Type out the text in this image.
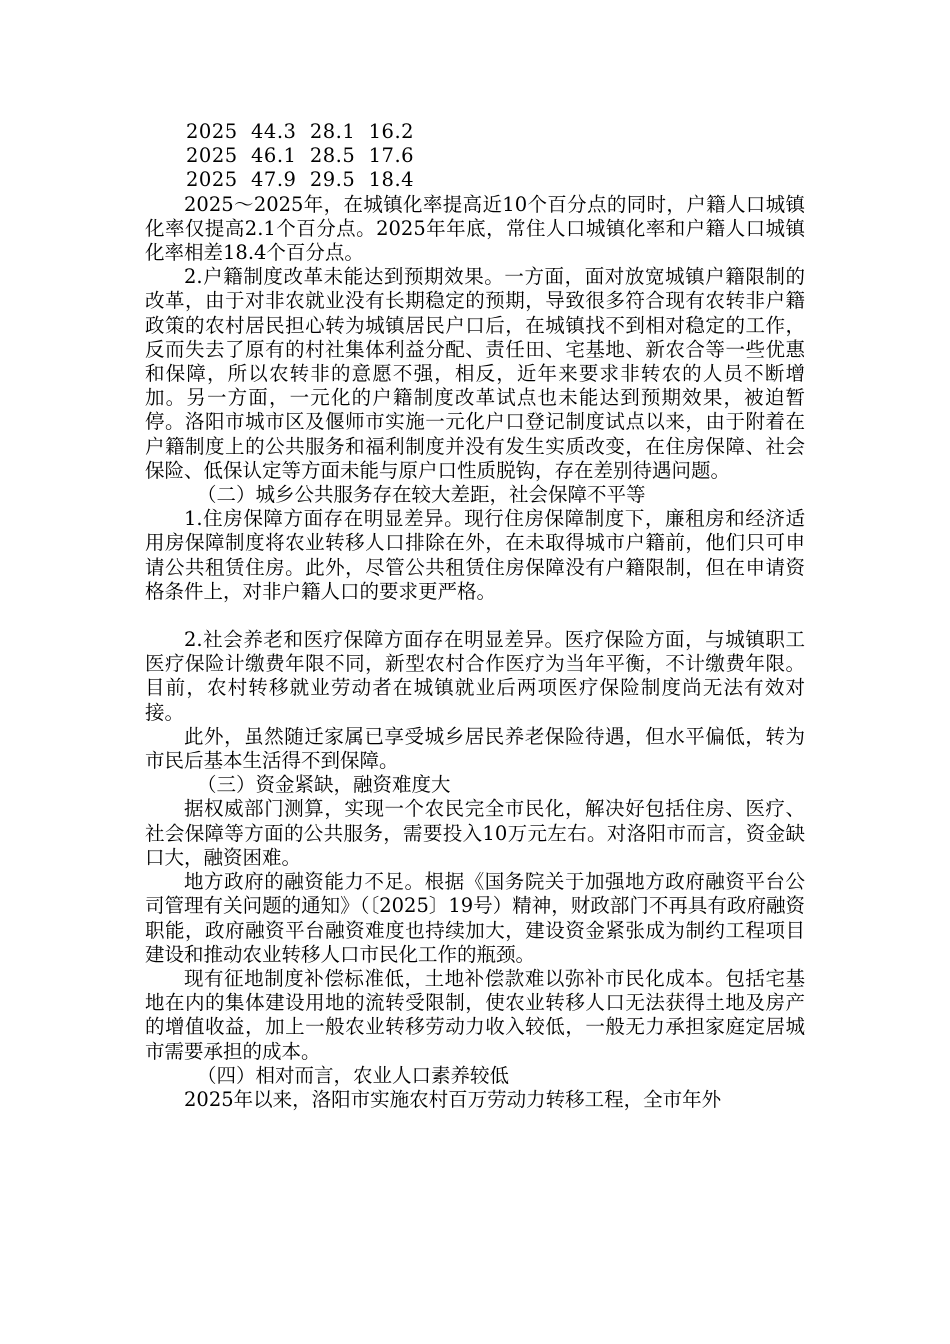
2025  44.3  28.1  16.2

2025  46.1  28.5  17.6

2025  47.9  29.5  18.4

2025～2025年，在城镇化率提高近10个百分点的同时，户籍人口城镇化率仅提高2.1个百分点。2025年年底，常住人口城镇化率和户籍人口城镇化率相差18.4个百分点。

2.户籍制度改革未能达到预期效果。一方面，面对放宽城镇户籍限制的改革，由于对非农就业没有长期稳定的预期，导致很多符合现有农转非户籍政策的农村居民担心转为城镇居民户口后，在城镇找不到相对稳定的工作，反而失去了原有的村社集体利益分配、责任田、宅基地、新农合等一些优惠和保障，所以农转非的意愿不强，相反，近年来要求非转农的人员不断增加。另一方面，一元化的户籍制度改革试点也未能达到预期效果，被迫暂停。洛阳市城市区及偃师市实施一元化户口登记制度试点以来，由于附着在户籍制度上的公共服务和福利制度并没有发生实质改变，在住房保障、社会保险、低保认定等方面未能与原户口性质脱钩，存在差别待遇问题。

（二）城乡公共服务存在较大差距，社会保障不平等

1.住房保障方面存在明显差异。现行住房保障制度下，廉租房和经济适用房保障制度将农业转移人口排除在外，在未取得城市户籍前，他们只可申请公共租赁住房。此外，尽管公共租赁住房保障没有户籍限制，但在申请资格条件上，对非户籍人口的要求更严格。

2.社会养老和医疗保障方面存在明显差异。医疗保险方面，与城镇职工医疗保险计缴费年限不同，新型农村合作医疗为当年平衡，不计缴费年限。目前，农村转移就业劳动者在城镇就业后两项医疗保险制度尚无法有效对接。

此外，虽然随迁家属已享受城乡居民养老保险待遇，但水平偏低，转为市民后基本生活得不到保障。

（三）资金紧缺，融资难度大

据权威部门测算，实现一个农民完全市民化，解决好包括住房、医疗、社会保障等方面的公共服务，需要投入10万元左右。对洛阳市而言，资金缺口大，融资困难。

地方政府的融资能力不足。根据《国务院关于加强地方政府融资平台公司管理有关问题的通知》（〔2025〕19号）精神，财政部门不再具有政府融资职能，政府融资平台融资难度也持续加大，建设资金紧张成为制约工程项目建设和推动农业转移人口市民化工作的瓶颈。

现有征地制度补偿标准低，土地补偿款难以弥补市民化成本。包括宅基地在内的集体建设用地的流转受限制，使农业转移人口无法获得土地及房产的增值收益，加上一般农业转移劳动力收入较低，一般无力承担家庭定居城市需要承担的成本。

（四）相对而言，农业人口素养较低

2025年以来，洛阳市实施农村百万劳动力转移工程，全市年外
